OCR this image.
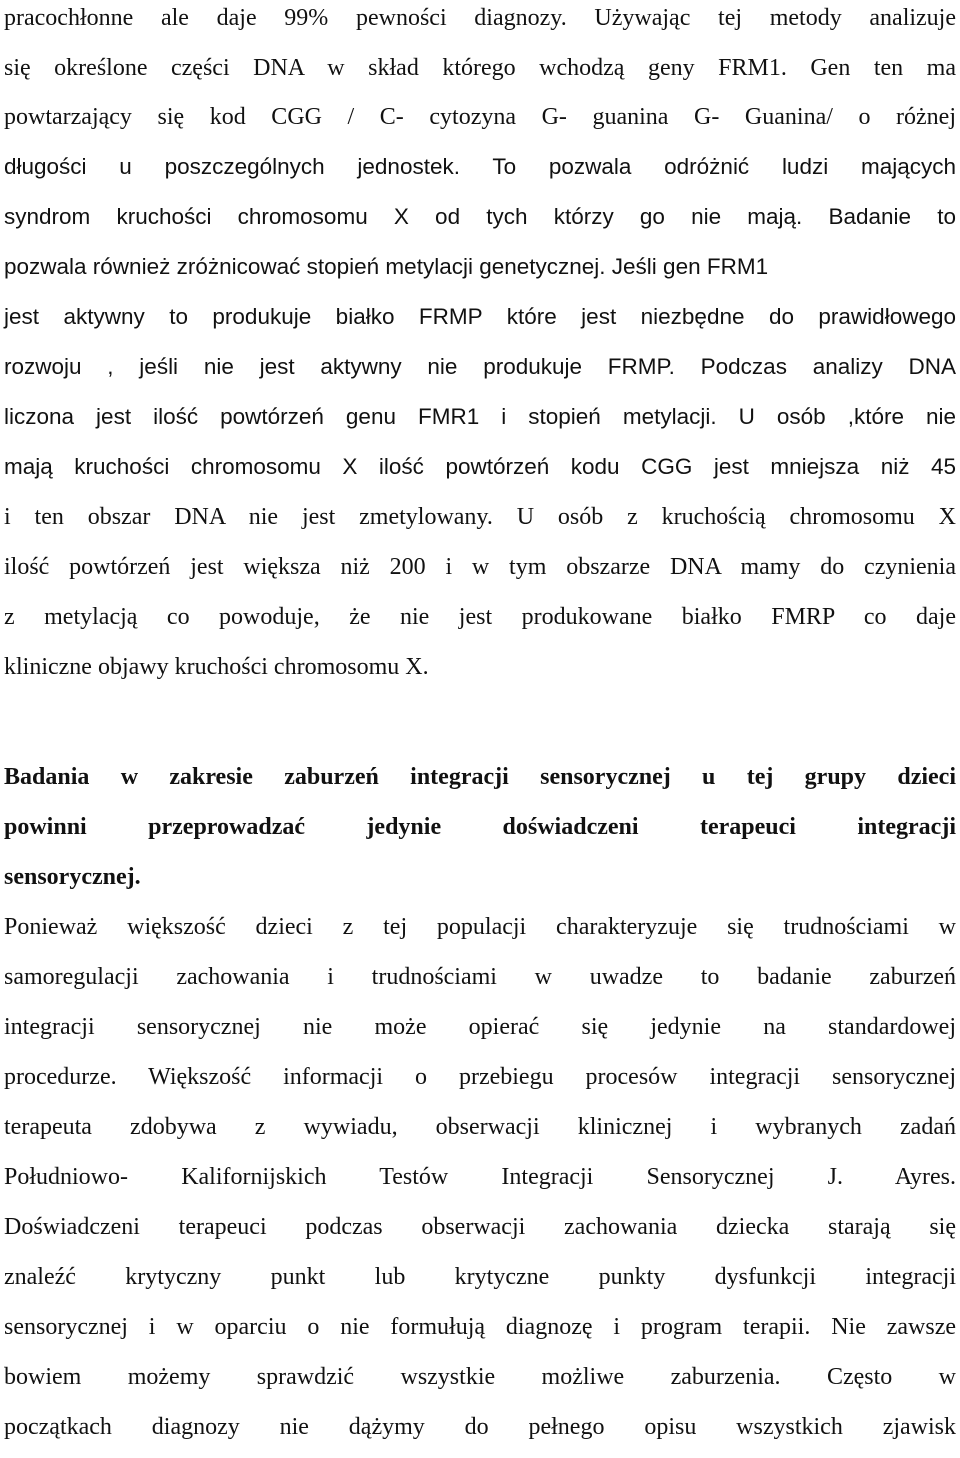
pracochłonne ale daje 99% pewności diagnozy. Używając tej metody analizuje
się określone części DNA w skład którego wchodzą geny FRM1. Gen ten ma
powtarzający się kod CGG / C- cytozyna G- guanina G- Guanina/ o różnej
długości u poszczególnych jednostek. To pozwala odróżnić ludzi mających
syndrom kruchości chromosomu X od tych którzy go nie mają. Badanie to
pozwala również zróżnicować stopień metylacji genetycznej. Jeśli gen FRM1
jest aktywny to produkuje białko FRMP które jest niezbędne do prawidłowego
rozwoju , jeśli nie jest aktywny nie produkuje FRMP. Podczas analizy DNA
liczona jest ilość powtórzeń genu FMR1 i stopień metylacji. U osób ,które nie
mają kruchości chromosomu X ilość powtórzeń kodu CGG jest mniejsza niż 45
i ten obszar DNA nie jest zmetylowany. U osób z kruchością chromosomu X
ilość powtórzeń jest większa niż 200 i w tym obszarze DNA mamy do czynienia
z metylacją co powoduje, że nie jest produkowane białko FMRP co daje
kliniczne objawy kruchości chromosomu X.
Badania w zakresie zaburzeń integracji sensorycznej u tej grupy dzieci
powinni przeprowadzać jedynie doświadczeni terapeuci integracji
sensorycznej.
Ponieważ większość dzieci z tej populacji charakteryzuje się trudnościami w
samoregulacji zachowania i trudnościami w uwadze to badanie zaburzeń
integracji sensorycznej nie może opierać się jedynie na standardowej
procedurze. Większość informacji o przebiegu procesów integracji sensorycznej
terapeuta zdobywa z wywiadu, obserwacji klinicznej i wybranych zadań
Południowo- Kalifornijskich Testów Integracji Sensorycznej J. Ayres.
Doświadczeni terapeuci podczas obserwacji zachowania dziecka starają się
znaleźć krytyczny punkt lub krytyczne punkty dysfunkcji integracji
sensorycznej i w oparciu o nie formułują diagnozę i program terapii. Nie zawsze
bowiem możemy sprawdzić wszystkie możliwe zaburzenia. Często w
początkach diagnozy nie dążymy do pełnego opisu wszystkich zjawisk
